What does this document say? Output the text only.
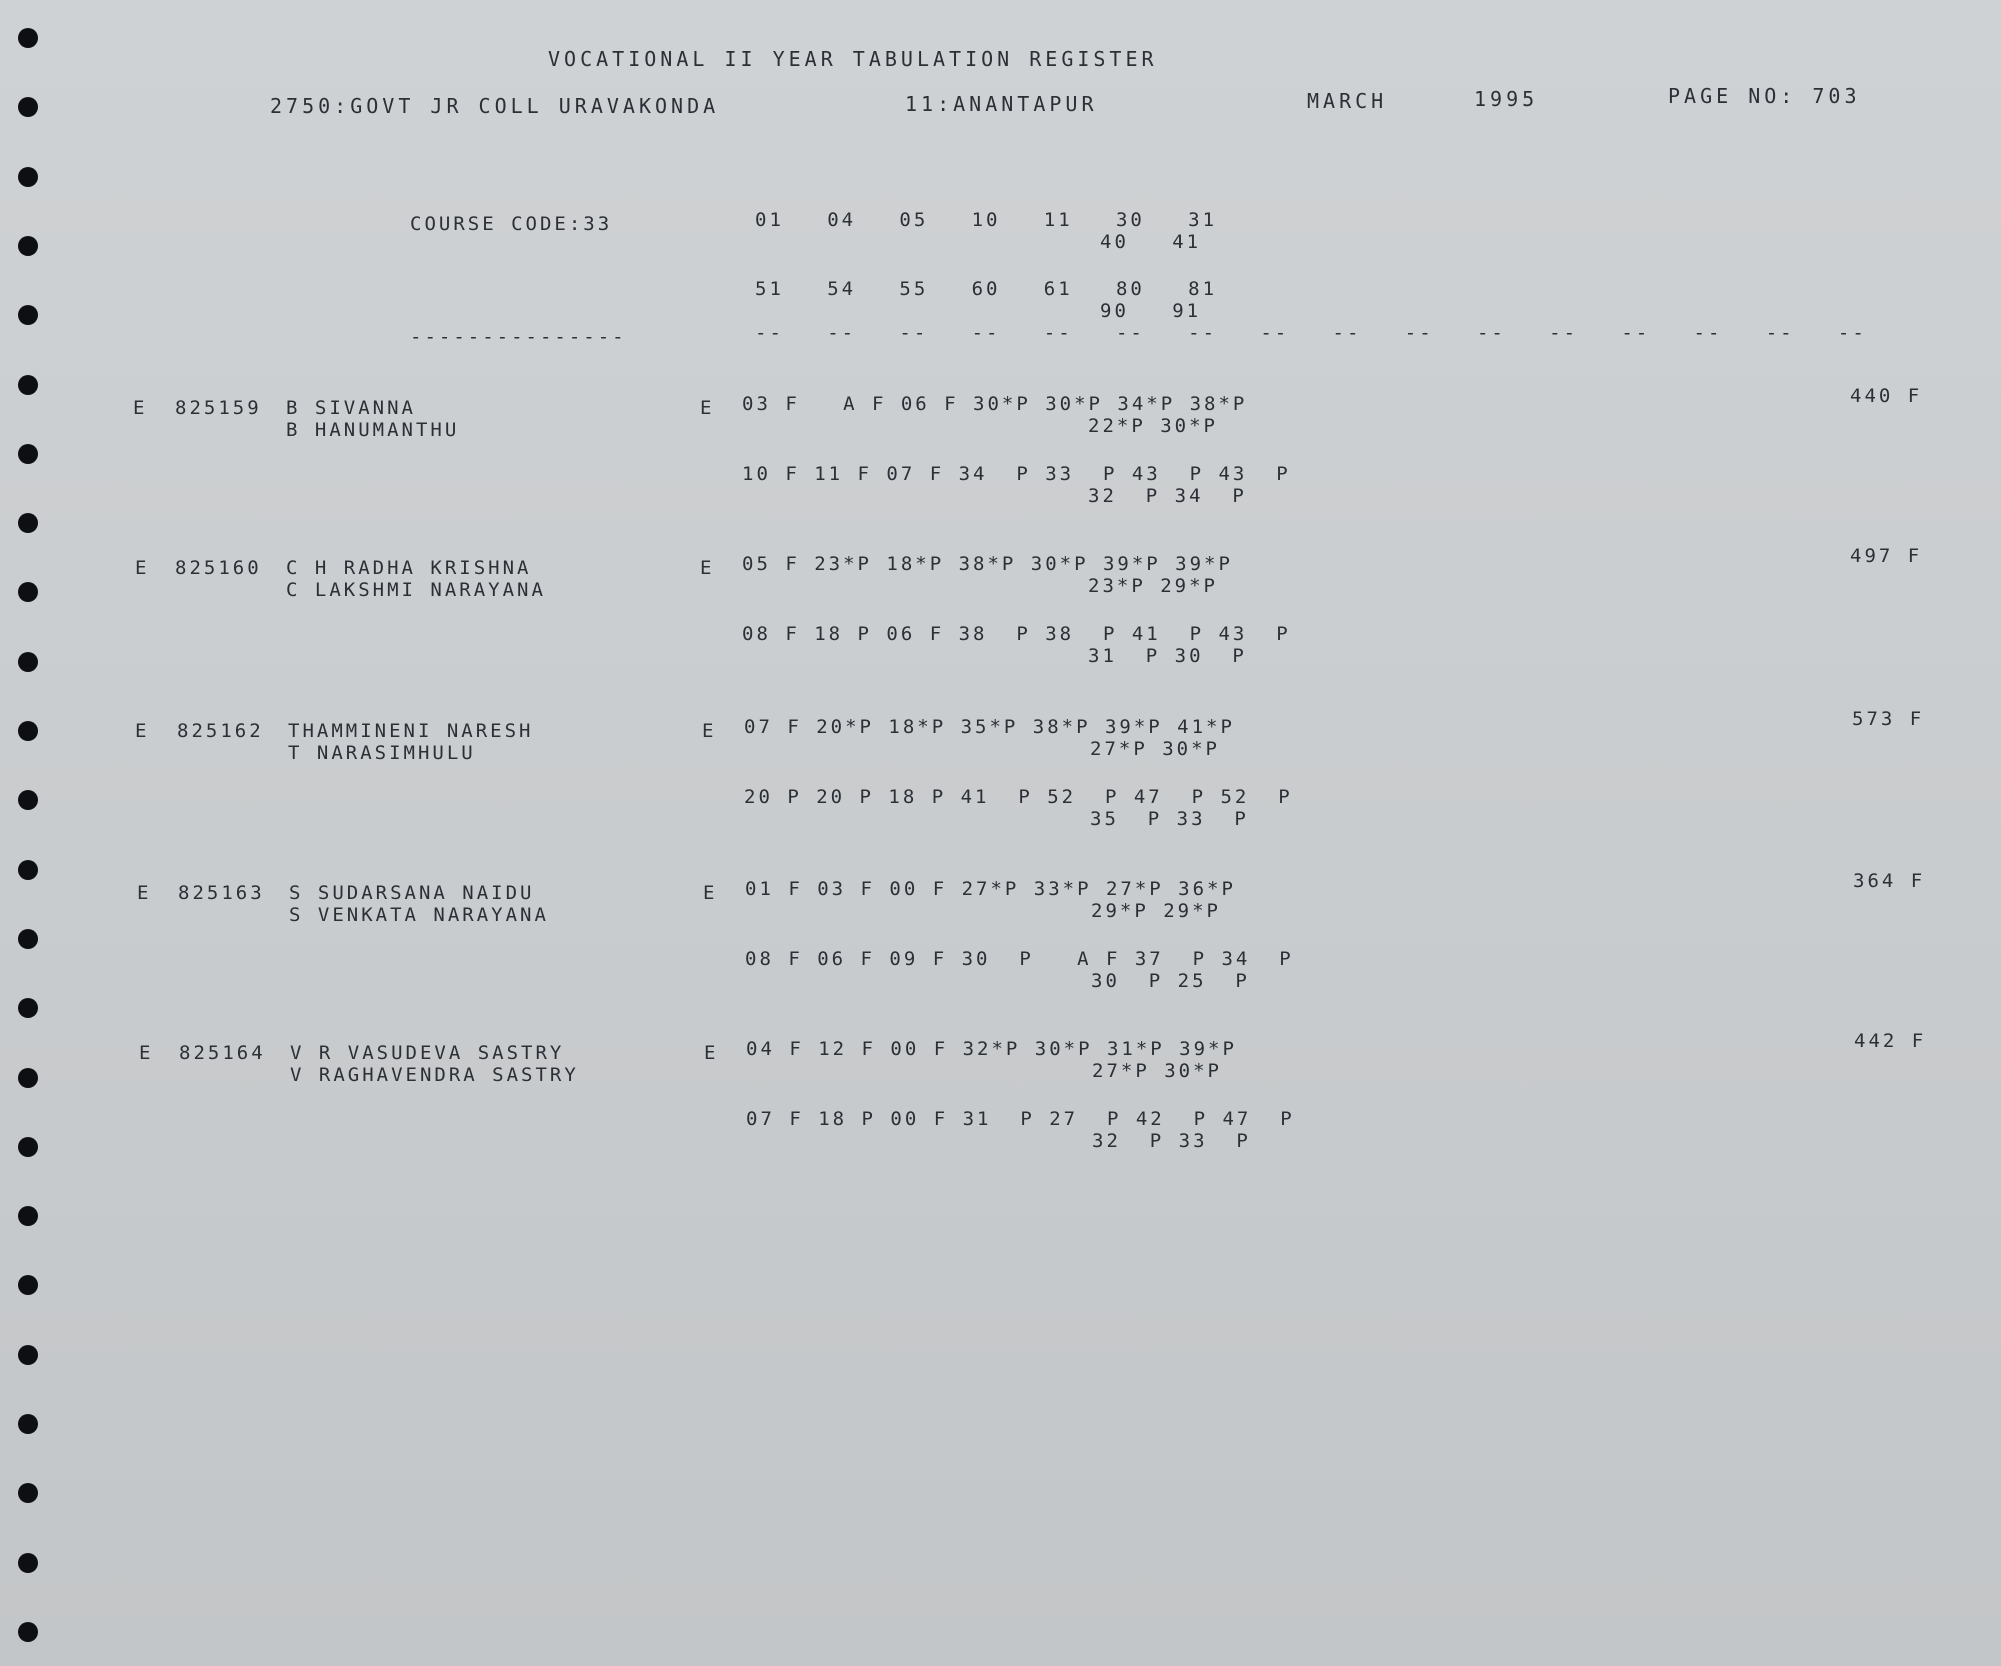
VOCATIONAL II YEAR TABULATION REGISTER
2750:GOVT JR COLL URAVAKONDA	11:ANANTAPUR	MARCH	1995	PAGE NO: 703
COURSE CODE:33	01   04   05   10   11   30   31
40   41
51   54   55   60   61   80   81
90   91
---------------	--   --   --   --   --   --   --   --   --   --   --   --   --   --   --   --
E 825159 B SIVANNA
B HANUMANTHU
E 03 F   A F 06 F 30*P 30*P 34*P 38*P
22*P 30*P
10 F 11 F 07 F 34  P 33  P 43  P 43  P
32  P 34  P
440 F
E 825160 C H RADHA KRISHNA
C LAKSHMI NARAYANA
E 05 F 23*P 18*P 38*P 30*P 39*P 39*P
23*P 29*P
08 F 18 P 06 F 38  P 38  P 41  P 43  P
31  P 30  P
497 F
E 825162 THAMMINENI NARESH
T NARASIMHULU
E 07 F 20*P 18*P 35*P 38*P 39*P 41*P
27*P 30*P
20 P 20 P 18 P 41  P 52  P 47  P 52  P
35  P 33  P
573 F
E 825163 S SUDARSANA NAIDU
S VENKATA NARAYANA
E 01 F 03 F 00 F 27*P 33*P 27*P 36*P
29*P 29*P
08 F 06 F 09 F 30  P   A F 37  P 34  P
30  P 25  P
364 F
E 825164 V R VASUDEVA SASTRY
V RAGHAVENDRA SASTRY
E 04 F 12 F 00 F 32*P 30*P 31*P 39*P
27*P 30*P
07 F 18 P 00 F 31  P 27  P 42  P 47  P
32  P 33  P
442 F
